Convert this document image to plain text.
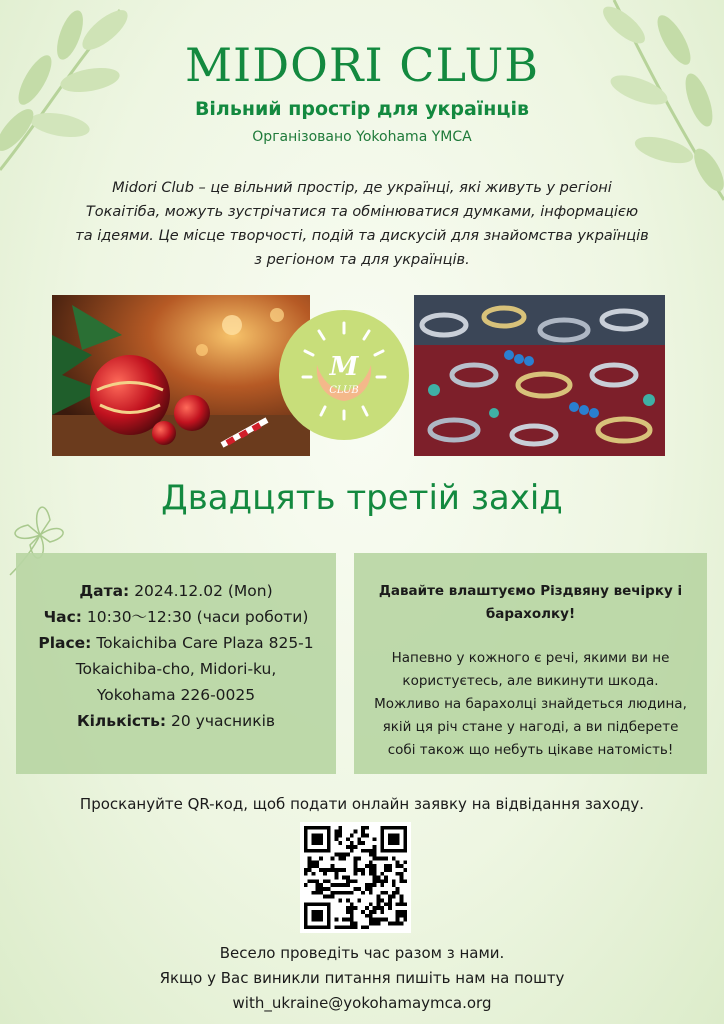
MIDORI CLUB
Вільний простір для українців
Організовано Yokohama YMCA
Midori Club – це вільний простір, де українці, які живуть у регіоні
Токаітіба, можуть зустрічатися та обмінюватися думками, інформацією
та ідеями. Це місце творчості, подій та дискусій для знайомства українців
з регіоном та для українців.
M
CLUB
Двадцять третій захід
Дата: 2024.12.02 (Mon)
Час: 10:30～12:30 (часи роботи)
Place: Tokaichiba Care Plaza 825-1
Tokaichiba-cho, Midori-ku,
Yokohama 226-0025
Кількість: 20 учасників
Давайте влаштуємо Різдвяну вечірку і
барахолку!
Напевно у кожного є речі, якими ви не
користуєтесь, але викинути шкода.
Можливо на барахолці знайдеться людина,
якій ця річ стане у нагоді, а ви підберете
собі також що небуть цікаве натомість!
Проскануйте QR-код, щоб подати онлайн заявку на відвідання заходу.
Весело проведіть час разом з нами.
Якщо у Вас виникли питання пишіть нам на пошту
with_ukraine@yokohamaymca.org
